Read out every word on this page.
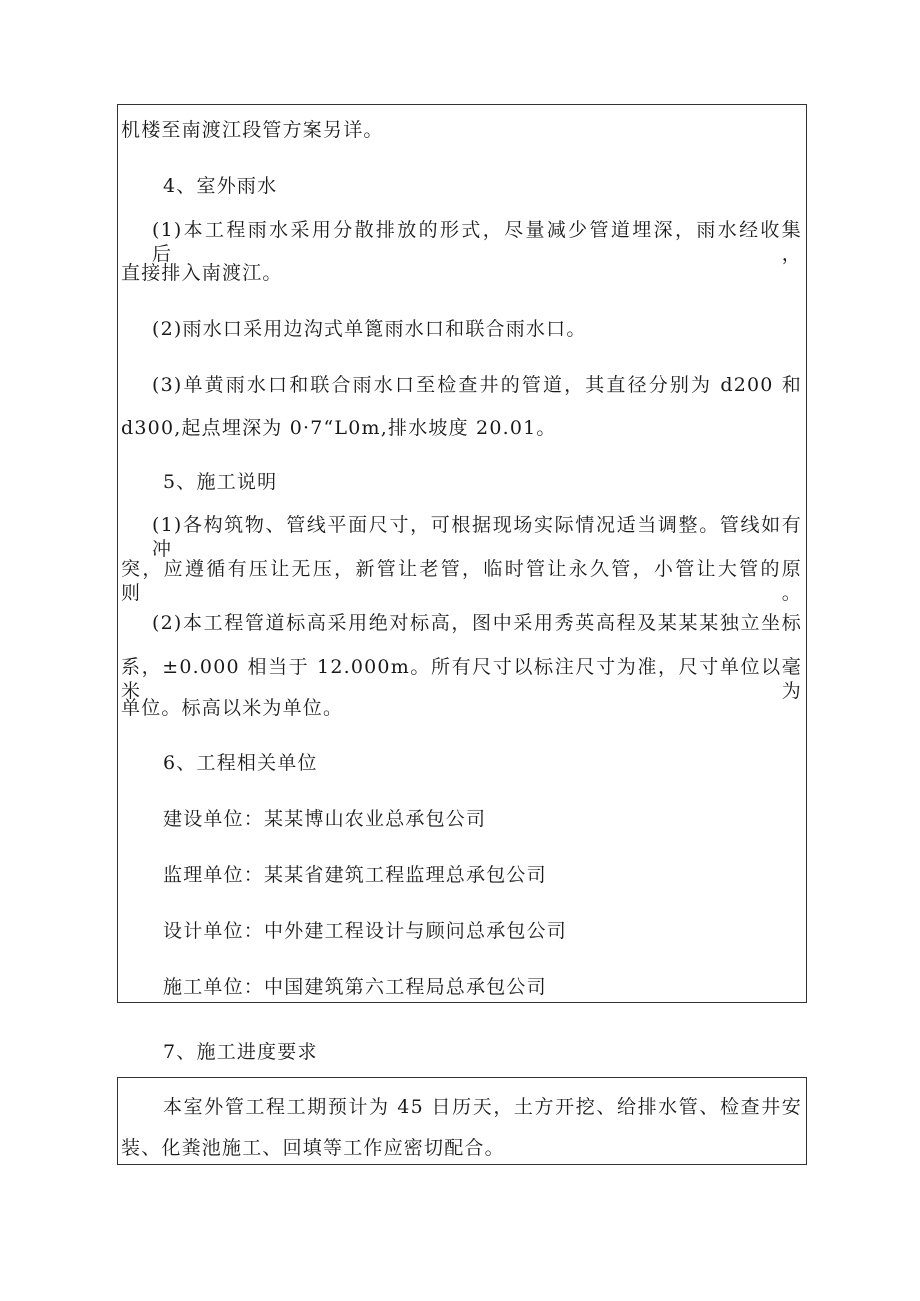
机楼至南渡江段管方案另详。
4、室外雨水
(1)本工程雨水采用分散排放的形式，尽量减少管道埋深，雨水经收集后，
直接排入南渡江。
(2)雨水口采用边沟式单篦雨水口和联合雨水口。
(3)单黄雨水口和联合雨水口至检查井的管道，其直径分别为 d200 和
d300,起点埋深为 0·7“L0m,排水坡度 20.01。
5、施工说明
(1)各构筑物、管线平面尺寸，可根据现场实际情况适当调整。管线如有冲
突，应遵循有压让无压，新管让老管，临时管让永久管，小管让大管的原则。
(2)本工程管道标高采用绝对标高，图中采用秀英高程及某某某独立坐标
系，±0.000 相当于 12.000m。所有尺寸以标注尺寸为准，尺寸单位以毫米为
单位。标高以米为单位。
6、工程相关单位
建设单位：某某博山农业总承包公司
监理单位：某某省建筑工程监理总承包公司
设计单位：中外建工程设计与顾问总承包公司
施工单位：中国建筑第六工程局总承包公司
7、施工进度要求
本室外管工程工期预计为 45 日历天，土方开挖、给排水管、检查井安
装、化粪池施工、回填等工作应密切配合。
